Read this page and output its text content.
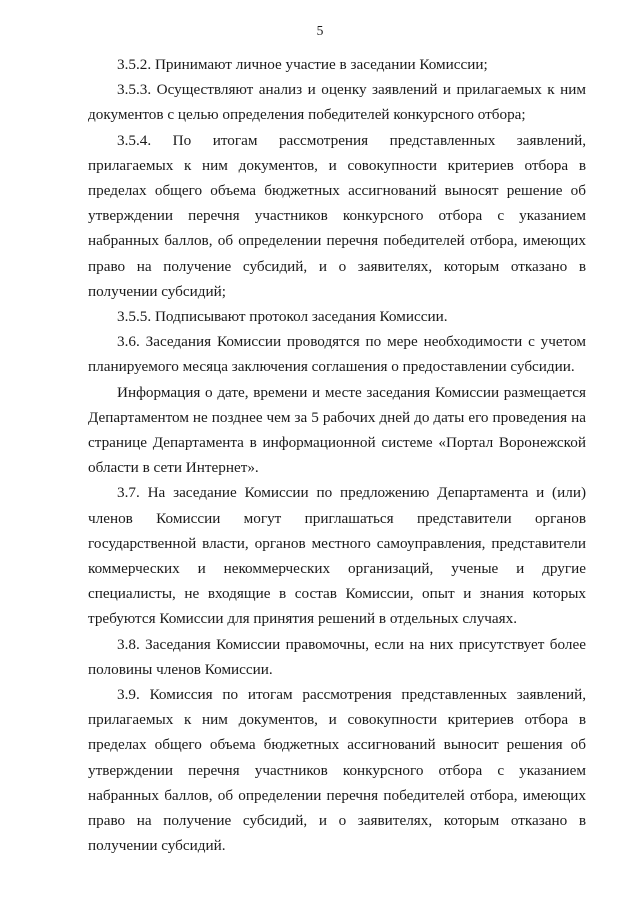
5

3.5.2. Принимают личное участие в заседании Комиссии;

3.5.3. Осуществляют анализ и оценку заявлений и прилагаемых к ним документов с целью определения победителей конкурсного отбора;

3.5.4. По итогам рассмотрения представленных заявлений, прилагаемых к ним документов, и совокупности критериев отбора в пределах общего объема бюджетных ассигнований выносят решение об утверждении перечня участников конкурсного отбора с указанием набранных баллов, об определении перечня победителей отбора, имеющих право на получение субсидий, и о заявителях, которым отказано в получении субсидий;

3.5.5. Подписывают протокол заседания Комиссии.

3.6. Заседания Комиссии проводятся по мере необходимости с учетом планируемого месяца заключения соглашения о предоставлении субсидии.

Информация о дате, времени и месте заседания Комиссии размещается Департаментом не позднее чем за 5 рабочих дней до даты его проведения на странице Департамента в информационной системе «Портал Воронежской области в сети Интернет».

3.7. На заседание Комиссии по предложению Департамента и (или) членов Комиссии могут приглашаться представители органов государственной власти, органов местного самоуправления, представители коммерческих и некоммерческих организаций, ученые и другие специалисты, не входящие в состав Комиссии, опыт и знания которых требуются Комиссии для принятия решений в отдельных случаях.

3.8. Заседания Комиссии правомочны, если на них присутствует более половины членов Комиссии.

3.9. Комиссия по итогам рассмотрения представленных заявлений, прилагаемых к ним документов, и совокупности критериев отбора в пределах общего объема бюджетных ассигнований выносит решения об утверждении перечня участников конкурсного отбора с указанием набранных баллов, об определении перечня победителей отбора, имеющих право на получение субсидий, и о заявителях, которым отказано в получении субсидий.
